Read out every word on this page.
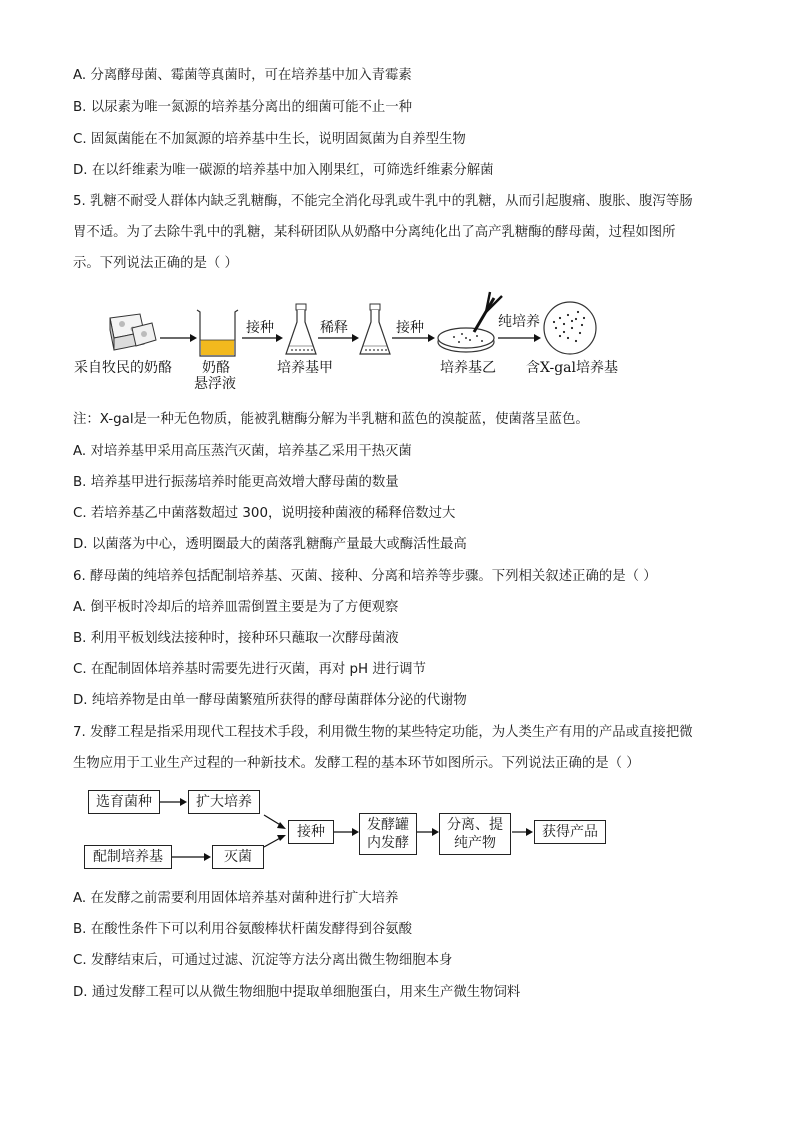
A. 分离酵母菌、霉菌等真菌时，可在培养基中加入青霉素
B. 以尿素为唯一氮源的培养基分离出的细菌可能不止一种
C. 固氮菌能在不加氮源的培养基中生长，说明固氮菌为自养型生物
D. 在以纤维素为唯一碳源的培养基中加入刚果红，可筛选纤维素分解菌
5. 乳糖不耐受人群体内缺乏乳糖酶，不能完全消化母乳或牛乳中的乳糖，从而引起腹痛、腹胀、腹泻等肠
胃不适。为了去除牛乳中的乳糖，某科研团队从奶酪中分离纯化出了高产乳糖酶的酵母菌，过程如图所
示。下列说法正确的是（ ）
采自牧民的奶酪 奶酪
悬浮液
接种
培养基甲
稀释	接种
培养基乙
纯培养
含X-gal培养基
注：X-gal是一种无色物质，能被乳糖酶分解为半乳糖和蓝色的溴靛蓝，使菌落呈蓝色。
A. 对培养基甲采用高压蒸汽灭菌，培养基乙采用干热灭菌
B. 培养基甲进行振荡培养时能更高效增大酵母菌的数量
C. 若培养基乙中菌落数超过 300，说明接种菌液的稀释倍数过大
D. 以菌落为中心，透明圈最大的菌落乳糖酶产量最大或酶活性最高
6. 酵母菌的纯培养包括配制培养基、灭菌、接种、分离和培养等步骤。下列相关叙述正确的是（ ）
A. 倒平板时冷却后的培养皿需倒置主要是为了方便观察
B. 利用平板划线法接种时，接种环只蘸取一次酵母菌液
C. 在配制固体培养基时需要先进行灭菌，再对 pH 进行调节
D. 纯培养物是由单一酵母菌繁殖所获得的酵母菌群体分泌的代谢物
7. 发酵工程是指采用现代工程技术手段，利用微生物的某些特定功能，为人类生产有用的产品或直接把微
生物应用于工业生产过程的一种新技术。发酵工程的基本环节如图所示。下列说法正确的是（ ）
选育菌种	扩大培养
配制培养基	灭菌
接种	发酵罐
内发酵
分离、提
纯产物
获得产品
A. 在发酵之前需要利用固体培养基对菌种进行扩大培养
B. 在酸性条件下可以利用谷氨酸棒状杆菌发酵得到谷氨酸
C. 发酵结束后，可通过过滤、沉淀等方法分离出微生物细胞本身
D. 通过发酵工程可以从微生物细胞中提取单细胞蛋白，用来生产微生物饲料
